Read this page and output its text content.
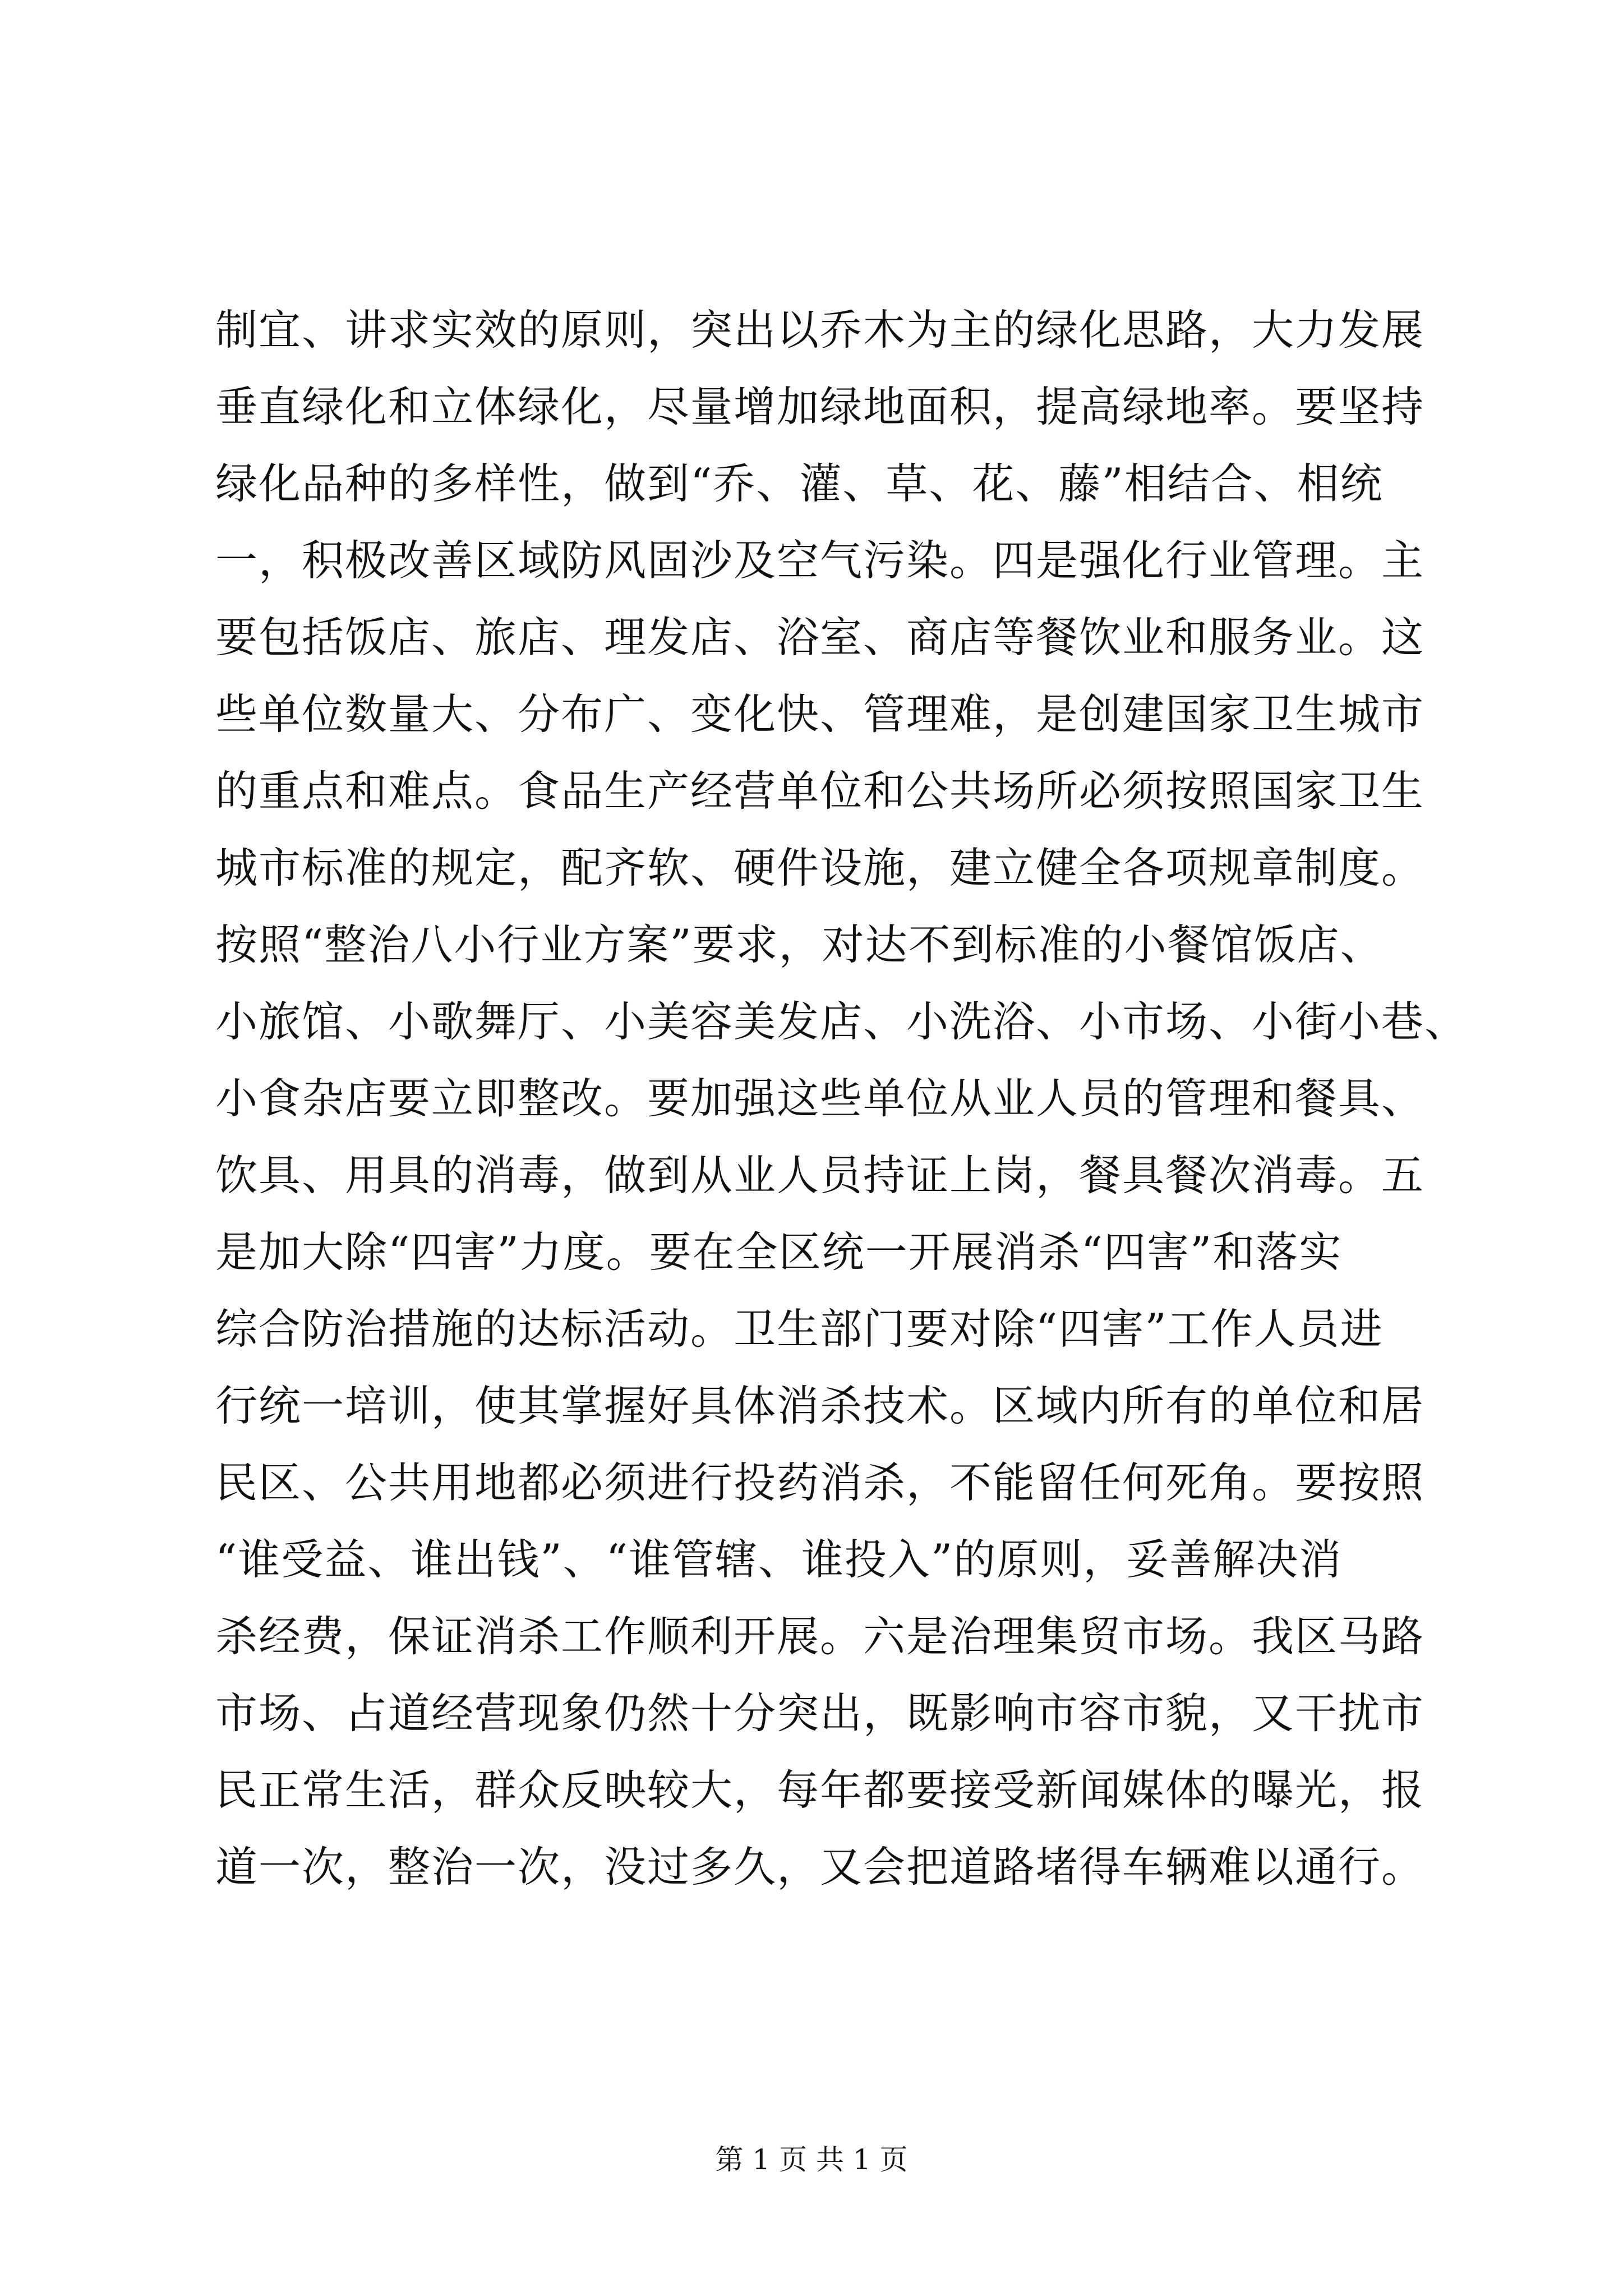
制宜、讲求实效的原则，突出以乔木为主的绿化思路，大力发展
垂直绿化和立体绿化，尽量增加绿地面积，提高绿地率。要坚持
绿化品种的多样性，做到“乔、灌、草、花、藤”相结合、相统
一，积极改善区域防风固沙及空气污染。四是强化行业管理。主
要包括饭店、旅店、理发店、浴室、商店等餐饮业和服务业。这
些单位数量大、分布广、变化快、管理难，是创建国家卫生城市
的重点和难点。食品生产经营单位和公共场所必须按照国家卫生
城市标准的规定，配齐软、硬件设施，建立健全各项规章制度。
按照“整治八小行业方案”要求，对达不到标准的小餐馆饭店、
小旅馆、小歌舞厅、小美容美发店、小洗浴、小市场、小街小巷、
小食杂店要立即整改。要加强这些单位从业人员的管理和餐具、
饮具、用具的消毒，做到从业人员持证上岗，餐具餐次消毒。五
是加大除“四害”力度。要在全区统一开展消杀“四害”和落实
综合防治措施的达标活动。卫生部门要对除“四害”工作人员进
行统一培训，使其掌握好具体消杀技术。区域内所有的单位和居
民区、公共用地都必须进行投药消杀，不能留任何死角。要按照
“谁受益、谁出钱”、“谁管辖、谁投入”的原则，妥善解决消
杀经费，保证消杀工作顺利开展。六是治理集贸市场。我区马路
市场、占道经营现象仍然十分突出，既影响市容市貌，又干扰市
民正常生活，群众反映较大，每年都要接受新闻媒体的曝光，报
道一次，整治一次，没过多久，又会把道路堵得车辆难以通行。
第 1 页 共 1 页
